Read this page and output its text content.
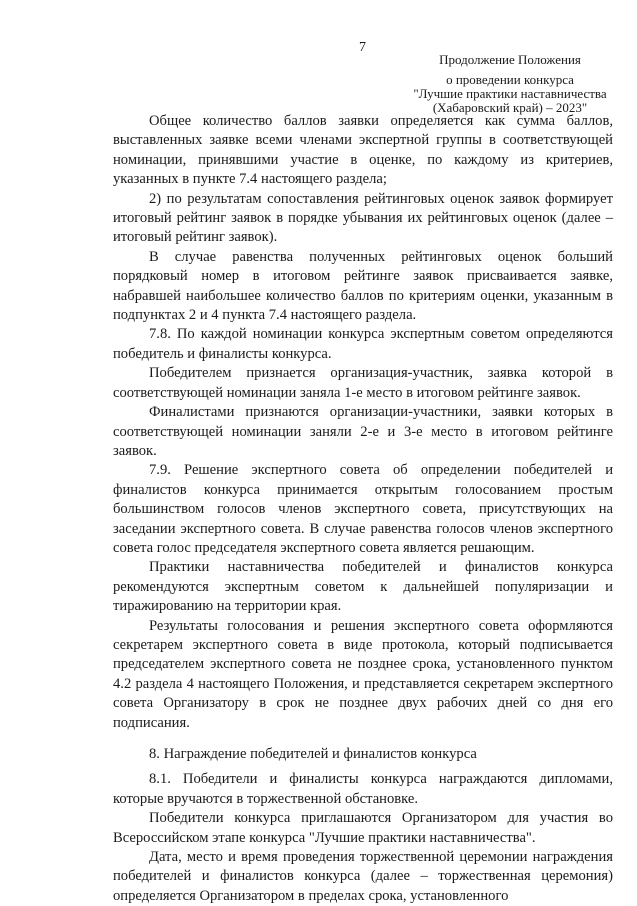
7
Продолжение Положения
о проведении конкурса
"Лучшие практики наставничества
(Хабаровский край) – 2023"

Общее количество баллов заявки определяется как сумма баллов, выставленных заявке всеми членами экспертной группы в соответствующей номинации, принявшими участие в оценке, по каждому из критериев, указанных в пункте 7.4 настоящего раздела;

2) по результатам сопоставления рейтинговых оценок заявок формирует итоговый рейтинг заявок в порядке убывания их рейтинговых оценок (далее – итоговый рейтинг заявок).

В случае равенства полученных рейтинговых оценок больший порядковый номер в итоговом рейтинге заявок присваивается заявке, набравшей наибольшее количество баллов по критериям оценки, указанным в подпунктах 2 и 4 пункта 7.4 настоящего раздела.

7.8. По каждой номинации конкурса экспертным советом определяются победитель и финалисты конкурса.

Победителем признается организация-участник, заявка которой в соответствующей номинации заняла 1-е место в итоговом рейтинге заявок.

Финалистами признаются организации-участники, заявки которых в соответствующей номинации заняли 2-е и 3-е место в итоговом рейтинге заявок.

7.9. Решение экспертного совета об определении победителей и финалистов конкурса принимается открытым голосованием простым большинством голосов членов экспертного совета, присутствующих на заседании экспертного совета. В случае равенства голосов членов экспертного совета голос председателя экспертного совета является решающим.

Практики наставничества победителей и финалистов конкурса рекомендуются экспертным советом к дальнейшей популяризации и тиражированию на территории края.

Результаты голосования и решения экспертного совета оформляются секретарем экспертного совета в виде протокола, который подписывается председателем экспертного совета не позднее срока, установленного пунктом 4.2 раздела 4 настоящего Положения, и представляется секретарем экспертного совета Организатору в срок не позднее двух рабочих дней со дня его подписания.

8. Награждение победителей и финалистов конкурса

8.1. Победители и финалисты конкурса награждаются дипломами, которые вручаются в торжественной обстановке.

Победители конкурса приглашаются Организатором для участия во Всероссийском этапе конкурса "Лучшие практики наставничества".

Дата, место и время проведения торжественной церемонии награждения победителей и финалистов конкурса (далее – торжественная церемония) определяется Организатором в пределах срока, установленного
